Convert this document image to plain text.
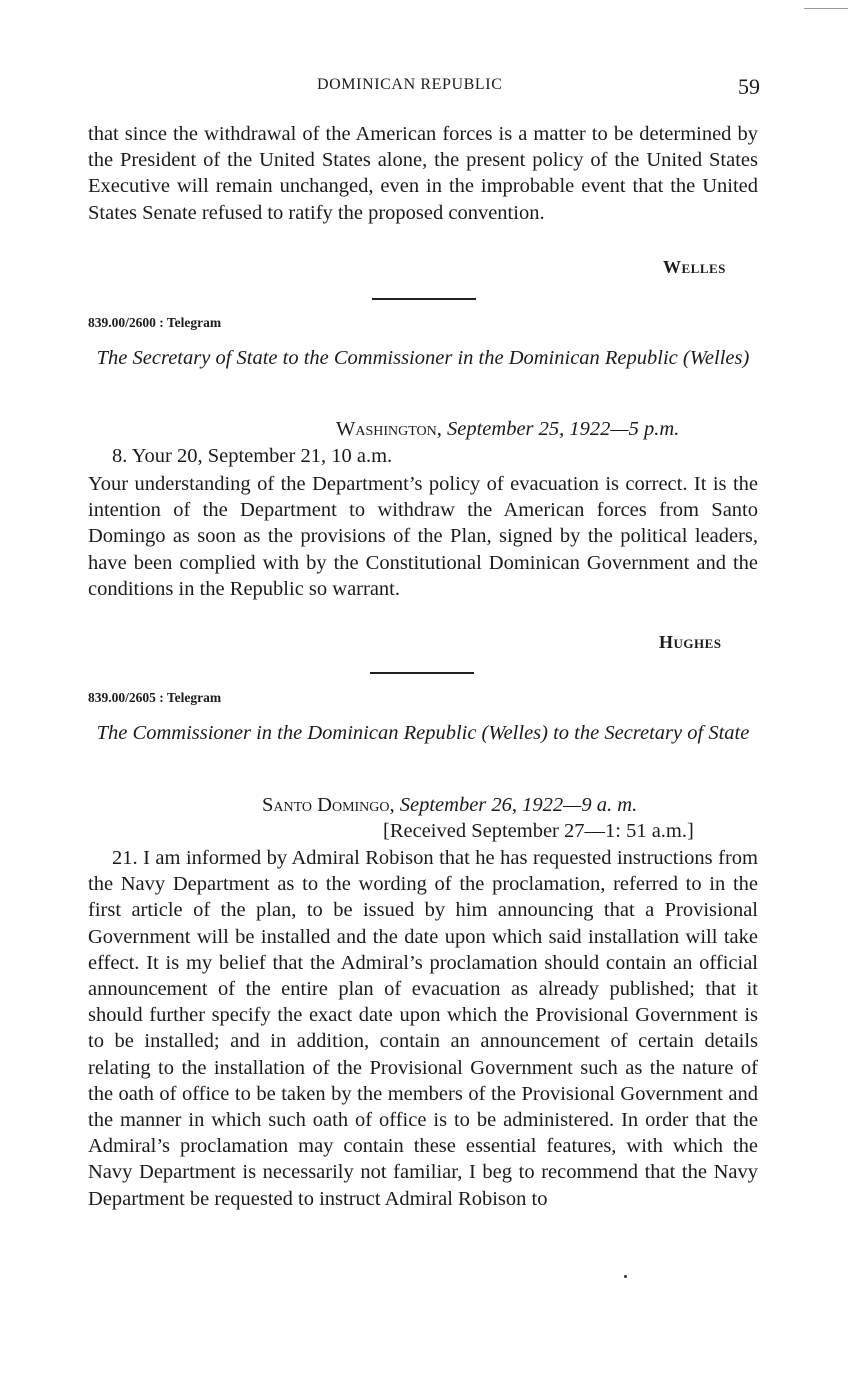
DOMINICAN REPUBLIC	59

that since the withdrawal of the American forces is a matter to be determined by the President of the United States alone, the present policy of the United States Executive will remain unchanged, even in the improbable event that the United States Senate refused to ratify the proposed convention.

Welles
839.00/2600 : Telegram

The Secretary of State to the Commissioner in the Dominican Republic (Welles)

Washington, September 25, 1922—5 p.m.
8. Your 20, September 21, 10 a.m.

Your understanding of the Department’s policy of evacuation is correct. It is the intention of the Department to withdraw the American forces from Santo Domingo as soon as the provisions of the Plan, signed by the political leaders, have been complied with by the Constitutional Dominican Government and the conditions in the Republic so warrant.

Hughes
839.00/2605 : Telegram

The Commissioner in the Dominican Republic (Welles) to the Secretary of State

Santo Domingo, September 26, 1922—9 a. m.
[Received September 27—1: 51 a.m.]

21. I am informed by Admiral Robison that he has requested instructions from the Navy Department as to the wording of the proclamation, referred to in the first article of the plan, to be issued by him announcing that a Provisional Government will be installed and the date upon which said installation will take effect. It is my belief that the Admiral’s proclamation should contain an official announcement of the entire plan of evacuation as already published; that it should further specify the exact date upon which the Provisional Government is to be installed; and in addition, contain an announcement of certain details relating to the installation of the Provisional Government such as the nature of the oath of office to be taken by the members of the Provisional Government and the manner in which such oath of office is to be administered. In order that the Admiral’s proclamation may contain these essential features, with which the Navy Department is necessarily not familiar, I beg to recommend that the Navy Department be requested to instruct Admiral Robison to
